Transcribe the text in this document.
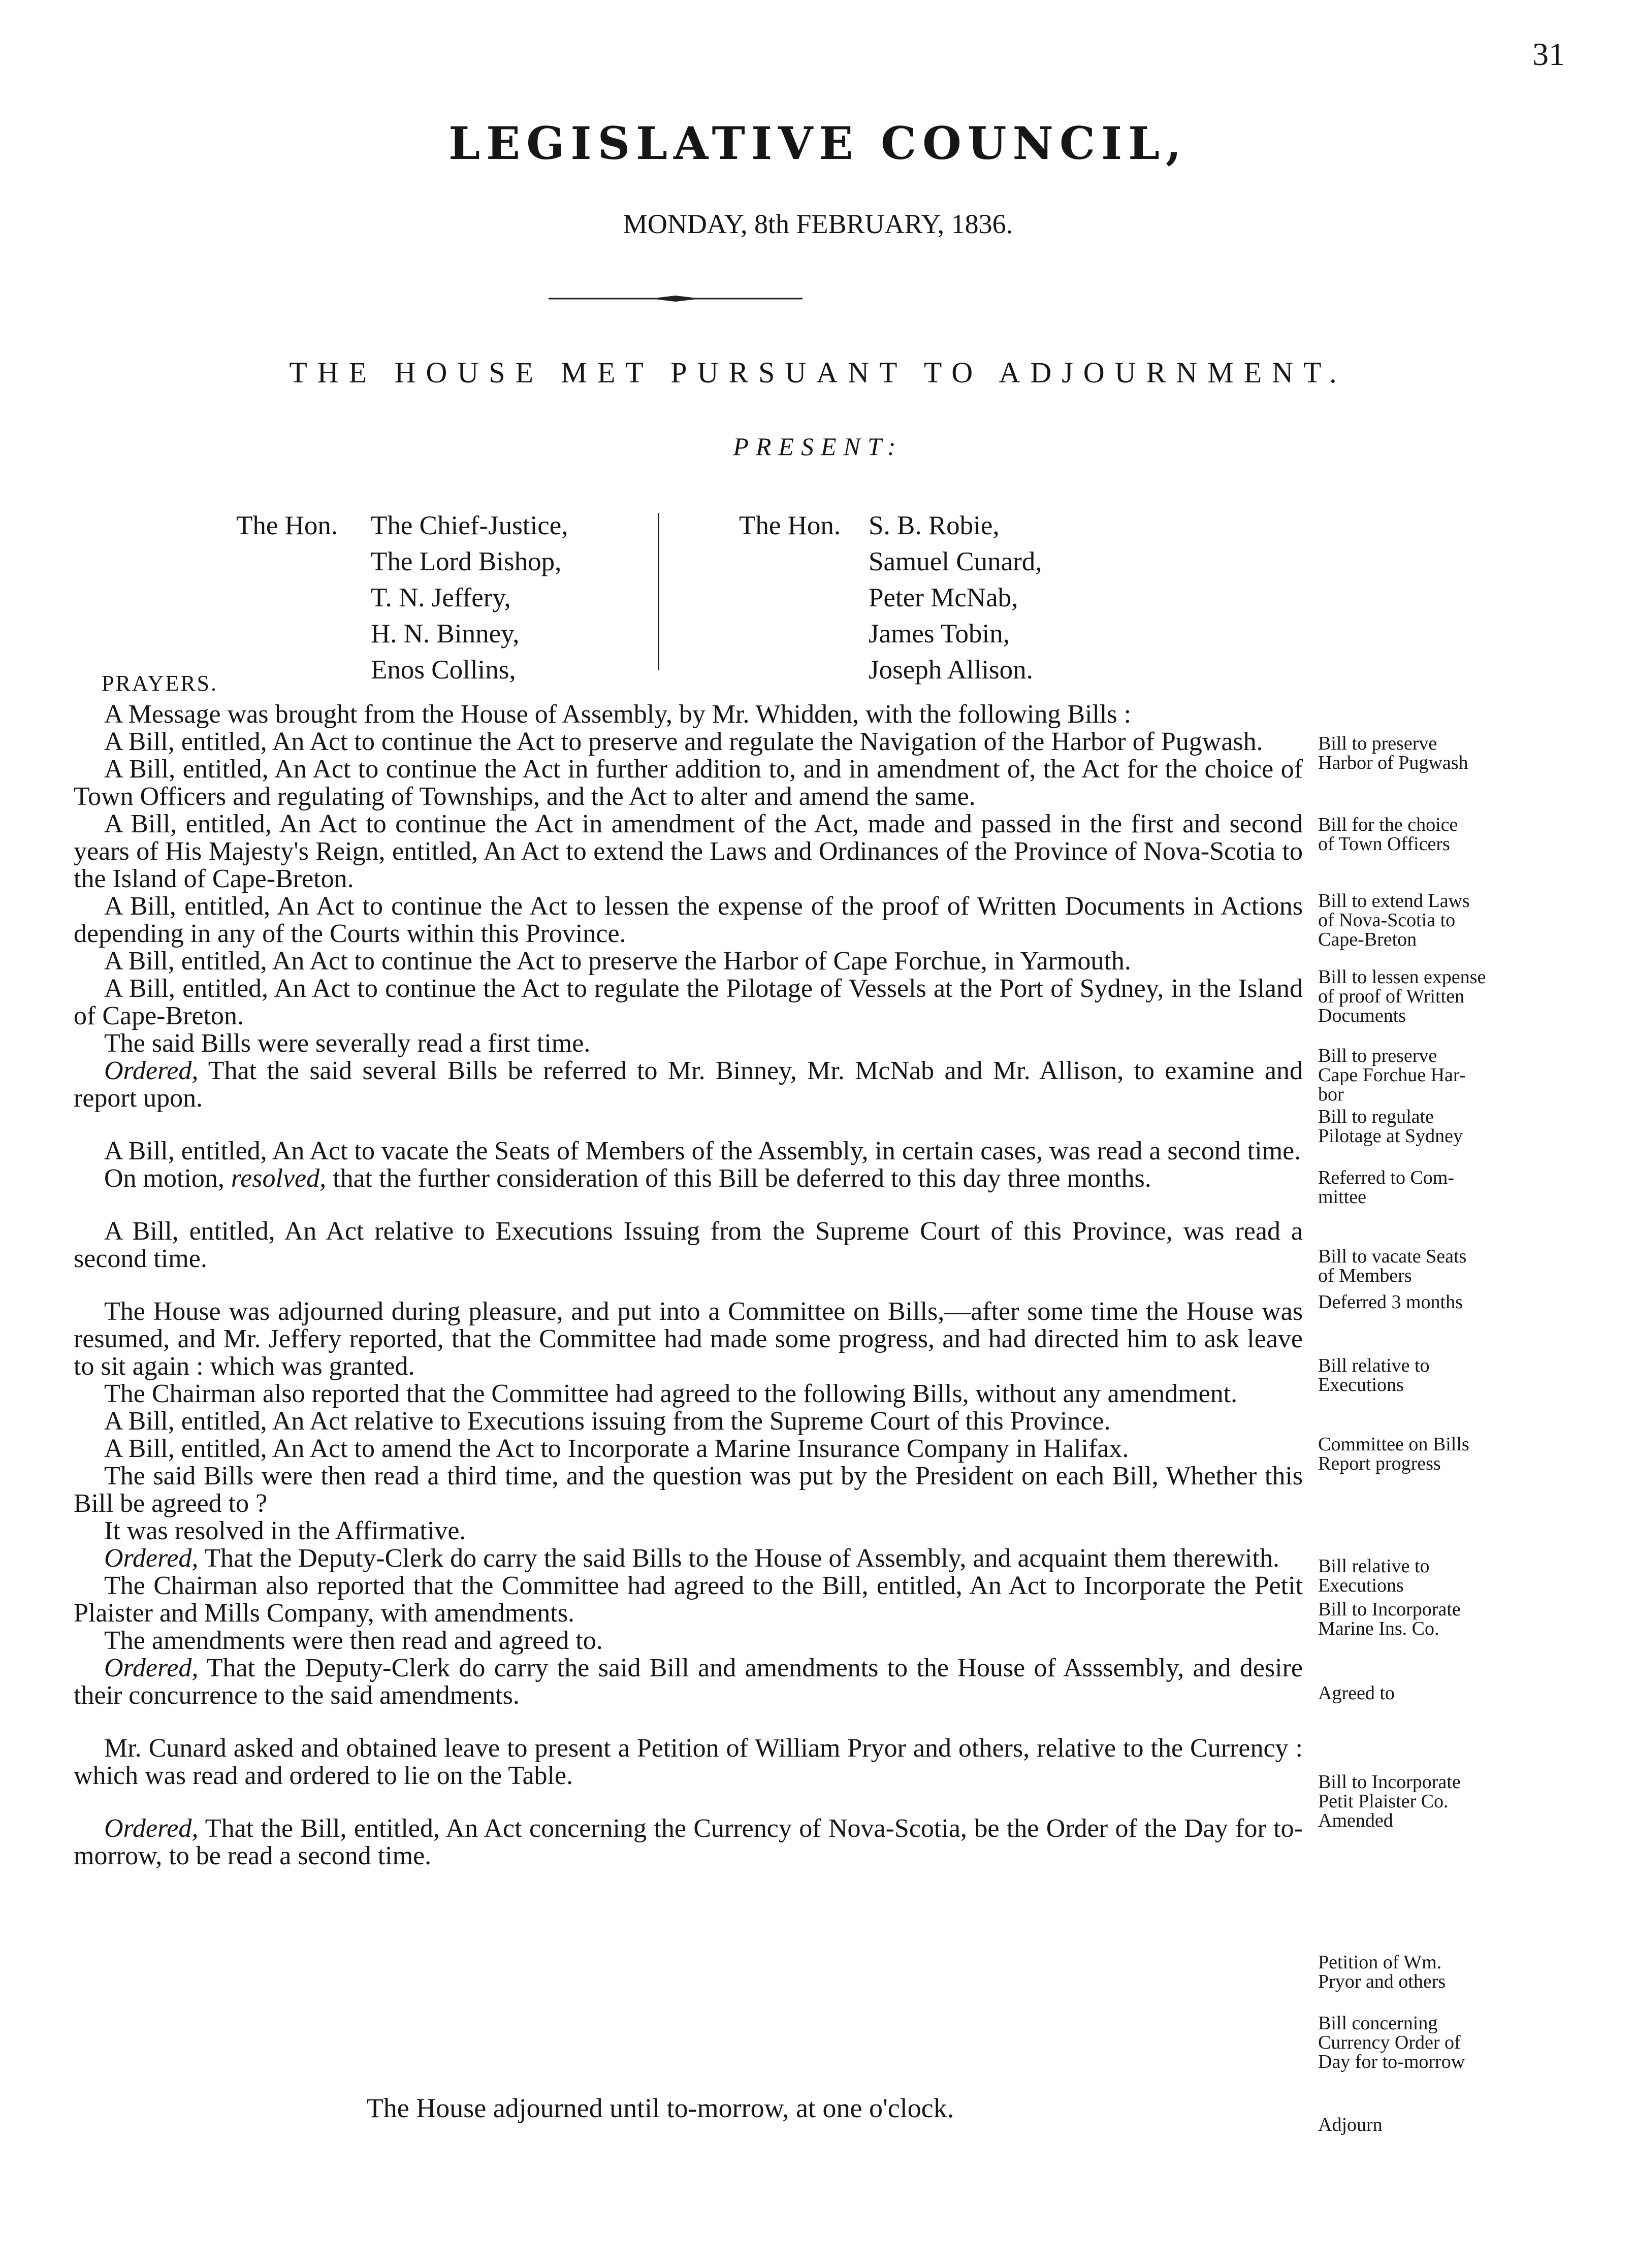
31
LEGISLATIVE COUNCIL,
MONDAY, 8th FEBRUARY, 1836.
THE HOUSE MET PURSUANT TO ADJOURNMENT.
PRESENT:
The Hon. The Chief-Justice,
The Lord Bishop,
T. N. Jeffery,
H. N. Binney,
Enos Collins,
The Hon. S. B. Robie,
Samuel Cunard,
Peter McNab,
James Tobin,
Joseph Allison.
PRAYERS.

A Message was brought from the House of Assembly, by Mr. Whidden, with the following Bills :

A Bill, entitled, An Act to continue the Act to preserve and regulate the Navigation of the Harbor of Pugwash.

A Bill, entitled, An Act to continue the Act in further addition to, and in amendment of, the Act for the choice of Town Officers and regulating of Townships, and the Act to alter and amend the same.

A Bill, entitled, An Act to continue the Act in amendment of the Act, made and passed in the first and second years of His Majesty's Reign, entitled, An Act to extend the Laws and Ordinances of the Province of Nova-Scotia to the Island of Cape-Breton.

A Bill, entitled, An Act to continue the Act to lessen the expense of the proof of Written Documents in Actions depending in any of the Courts within this Province.

A Bill, entitled, An Act to continue the Act to preserve the Harbor of Cape Forchue, in Yarmouth.

A Bill, entitled, An Act to continue the Act to regulate the Pilotage of Vessels at the Port of Sydney, in the Island of Cape-Breton.

The said Bills were severally read a first time.

Ordered, That the said several Bills be referred to Mr. Binney, Mr. McNab and Mr. Allison, to examine and report upon.

A Bill, entitled, An Act to vacate the Seats of Members of the Assembly, in certain cases, was read a second time.

On motion, resolved, that the further consideration of this Bill be deferred to this day three months.

A Bill, entitled, An Act relative to Executions Issuing from the Supreme Court of this Province, was read a second time.

The House was adjourned during pleasure, and put into a Committee on Bills,—after some time the House was resumed, and Mr. Jeffery reported, that the Committee had made some progress, and had directed him to ask leave to sit again : which was granted.

The Chairman also reported that the Committee had agreed to the following Bills, without any amendment.

A Bill, entitled, An Act relative to Executions issuing from the Supreme Court of this Province.

A Bill, entitled, An Act to amend the Act to Incorporate a Marine Insurance Company in Halifax.

The said Bills were then read a third time, and the question was put by the President on each Bill, Whether this Bill be agreed to ?

It was resolved in the Affirmative.

Ordered, That the Deputy-Clerk do carry the said Bills to the House of Assembly, and acquaint them therewith.

The Chairman also reported that the Committee had agreed to the Bill, entitled, An Act to Incorporate the Petit Plaister and Mills Company, with amendments.

The amendments were then read and agreed to.

Ordered, That the Deputy-Clerk do carry the said Bill and amendments to the House of Asssembly, and desire their concurrence to the said amendments.

Mr. Cunard asked and obtained leave to present a Petition of William Pryor and others, relative to the Currency : which was read and ordered to lie on the Table.

Ordered, That the Bill, entitled, An Act concerning the Currency of Nova-Scotia, be the Order of the Day for to-morrow, to be read a second time.

The House adjourned until to-morrow, at one o'clock.
Bill to preserve
Harbor of Pugwash
Bill for the choice
of Town Officers
Bill to extend Laws
of Nova-Scotia to
Cape-Breton
Bill to lessen expense
of proof of Written
Documents
Bill to preserve
Cape Forchue Har-
bor
Bill to regulate
Pilotage at Sydney
Referred to Com-
mittee
Bill to vacate Seats
of Members
Deferred 3 months
Bill relative to
Executions
Committee on Bills
Report progress
Bill relative to
Executions
Bill to Incorporate
Marine Ins. Co.
Agreed to
Bill to Incorporate
Petit Plaister Co.
Amended
Petition of Wm.
Pryor and others
Bill concerning
Currency Order of
Day for to-morrow
Adjourn
